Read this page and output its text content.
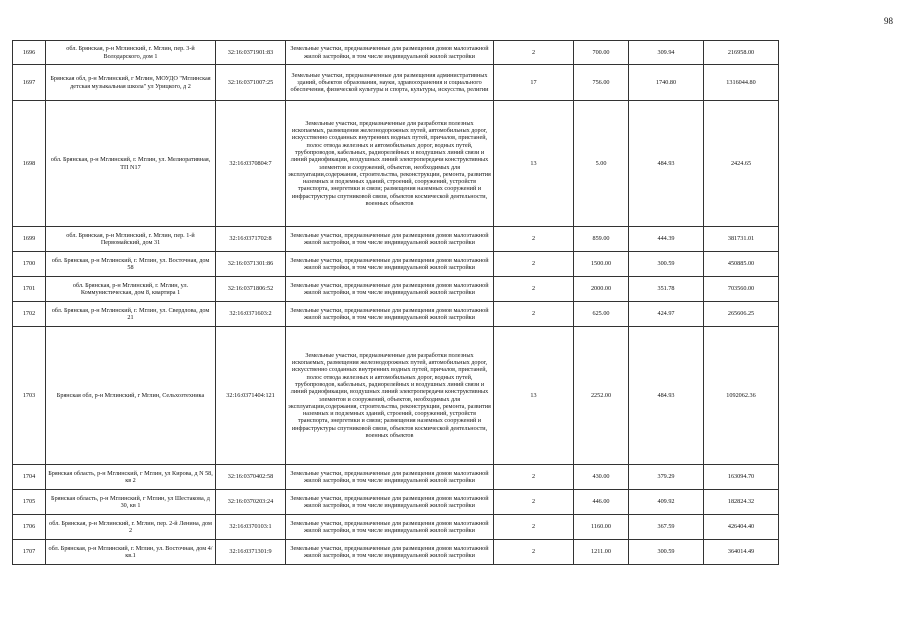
98
1696	обл. Брянская, р-н Мглинский, г. Мглин, пер. 3-й Володарского, дом 1	32:16:0371901:83	Земельные участки, предназначенные для размещения домов малоэтажной жилой застройки, в том числе индивидуальной жилой застройки	2	700.00	309.94	216958.00
1697	Брянская обл, р-н Мглинский, г Мглин, МОУДО "Мглинская детская музыкальная школа" ул Урицкого, д 2	32:16:0371007:25	Земельные участки, предназначенные для размещения административных зданий, объектов образования, науки, здравоохранения и социального обеспечения, физической культуры и спорта, культуры, искусства, религии	17	756.00	1740.80	1316044.80
1698	обл. Брянская, р-н Мглинский, г. Мглин, ул. Мелиоративная, ТП N17	32:16:0370804:7	Земельные участки, предназначенные для разработки полезных ископаемых, размещения железнодорожных путей, автомобильных дорог, искусственно созданных внутренних водных путей, причалов, пристаней, полос отвода железных и автомобильных дорог, водных путей, трубопроводов, кабельных, радиорелейных и воздушных линий связи и линий радиофикации, воздушных линий электропередачи конструктивных элементов и сооружений, объектов, необходимых для эксплуатации,содержания, строительства, реконструкции, ремонта, развития наземных и подземных зданий, строений, сооружений, устройств транспорта, энергетики и связи; размещения наземных сооружений и инфраструктуры спутниковой связи, объектов космической деятельности, военных объектов	13	5.00	484.93	2424.65
1699	обл. Брянская, р-н Мглинский, г. Мглин, пер. 1-й Первомайский, дом 31	32:16:0371702:8	Земельные участки, предназначенные для размещения домов малоэтажной жилой застройки, в том числе индивидуальной жилой застройки	2	859.00	444.39	381731.01
1700	обл. Брянская, р-н Мглинский, г. Мглин, ул. Восточная, дом 58	32:16:0371301:86	Земельные участки, предназначенные для размещения домов малоэтажной жилой застройки, в том числе индивидуальной жилой застройки	2	1500.00	300.59	450885.00
1701	обл. Брянская, р-н Мглинский, г. Мглин, ул. Коммунистическая, дом 8, квартира 1	32:16:0371806:52	Земельные участки, предназначенные для размещения домов малоэтажной жилой застройки, в том числе индивидуальной жилой застройки	2	2000.00	351.78	703560.00
1702	обл. Брянская, р-н Мглинский, г. Мглин, ул. Свердлова, дом 21	32:16:0371603:2	Земельные участки, предназначенные для размещения домов малоэтажной жилой застройки, в том числе индивидуальной жилой застройки	2	625.00	424.97	265606.25
1703	Брянская обл, р-н Мглинский, г Мглин, Сельхозтехника	32:16:0371404:121	Земельные участки, предназначенные для разработки полезных ископаемых, размещения железнодорожных путей, автомобильных дорог, искусственно созданных внутренних водных путей, причалов, пристаней, полос отвода железных и автомобильных дорог, водных путей, трубопроводов, кабельных, радиорелейных и воздушных линий связи и линий радиофикации, воздушных линий электропередачи конструктивных элементов и сооружений, объектов, необходимых для эксплуатации,содержания, строительства, реконструкции, ремонта, развития наземных и подземных зданий, строений, сооружений, устройств транспорта, энергетики и связи; размещения наземных сооружений и инфраструктуры спутниковой связи, объектов космической деятельности, военных объектов	13	2252.00	484.93	1092062.36
1704	Брянская область, р-н Мглинский, г Мглин, ул Кирова, д N 58, кв 2	32:16:0370402:58	Земельные участки, предназначенные для размещения домов малоэтажной жилой застройки, в том числе индивидуальной жилой застройки	2	430.00	379.29	163094.70
1705	Брянская область, р-н Мглинский, г Мглин, ул Шестакова, д 30, кв 1	32:16:0370203:24	Земельные участки, предназначенные для размещения домов малоэтажной жилой застройки, в том числе индивидуальной жилой застройки	2	446.00	409.92	182824.32
1706	обл. Брянская, р-н Мглинский, г. Мглин, пер. 2-й Ленина, дом 2	32:16:0370103:1	Земельные участки, предназначенные для размещения домов малоэтажной жилой застройки, в том числе индивидуальной жилой застройки	2	1160.00	367.59	426404.40
1707	обл. Брянская, р-н Мглинский, г. Мглин, ул. Восточная, дом 4/кв.1	32:16:0371301:9	Земельные участки, предназначенные для размещения домов малоэтажной жилой застройки, в том числе индивидуальной жилой застройки	2	1211.00	300.59	364014.49
